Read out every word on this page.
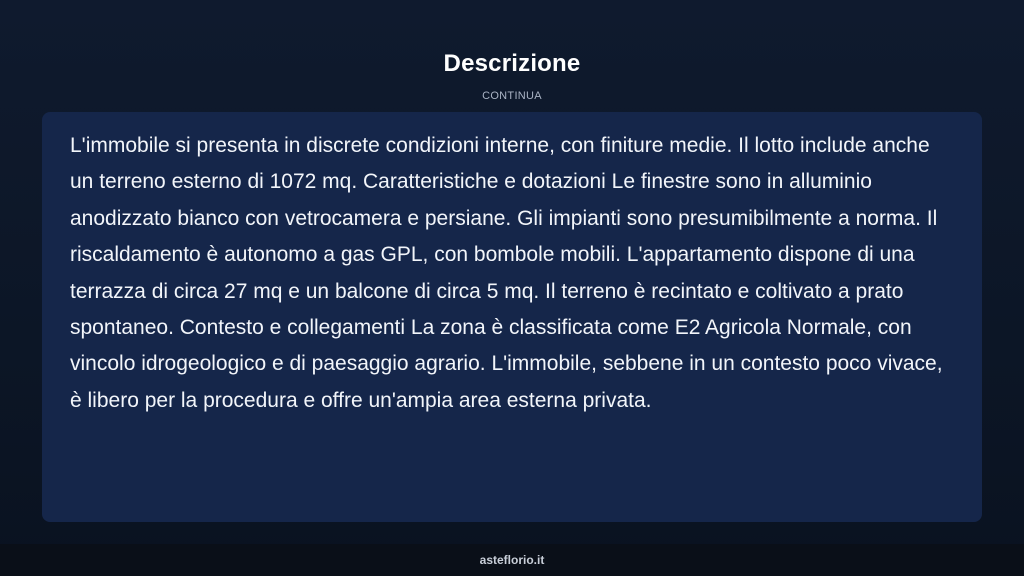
Descrizione
CONTINUA

L'immobile si presenta in discrete condizioni interne, con finiture medie. Il lotto include anche un terreno esterno di 1072 mq. Caratteristiche e dotazioni Le finestre sono in alluminio anodizzato bianco con vetrocamera e persiane. Gli impianti sono presumibilmente a norma. Il riscaldamento è autonomo a gas GPL, con bombole mobili. L'appartamento dispone di una terrazza di circa 27 mq e un balcone di circa 5 mq. Il terreno è recintato e coltivato a prato spontaneo. Contesto e collegamenti La zona è classificata come E2 Agricola Normale, con vincolo idrogeologico e di paesaggio agrario. L'immobile, sebbene in un contesto poco vivace, è libero per la procedura e offre un'ampia area esterna privata.

asteflorio.it
